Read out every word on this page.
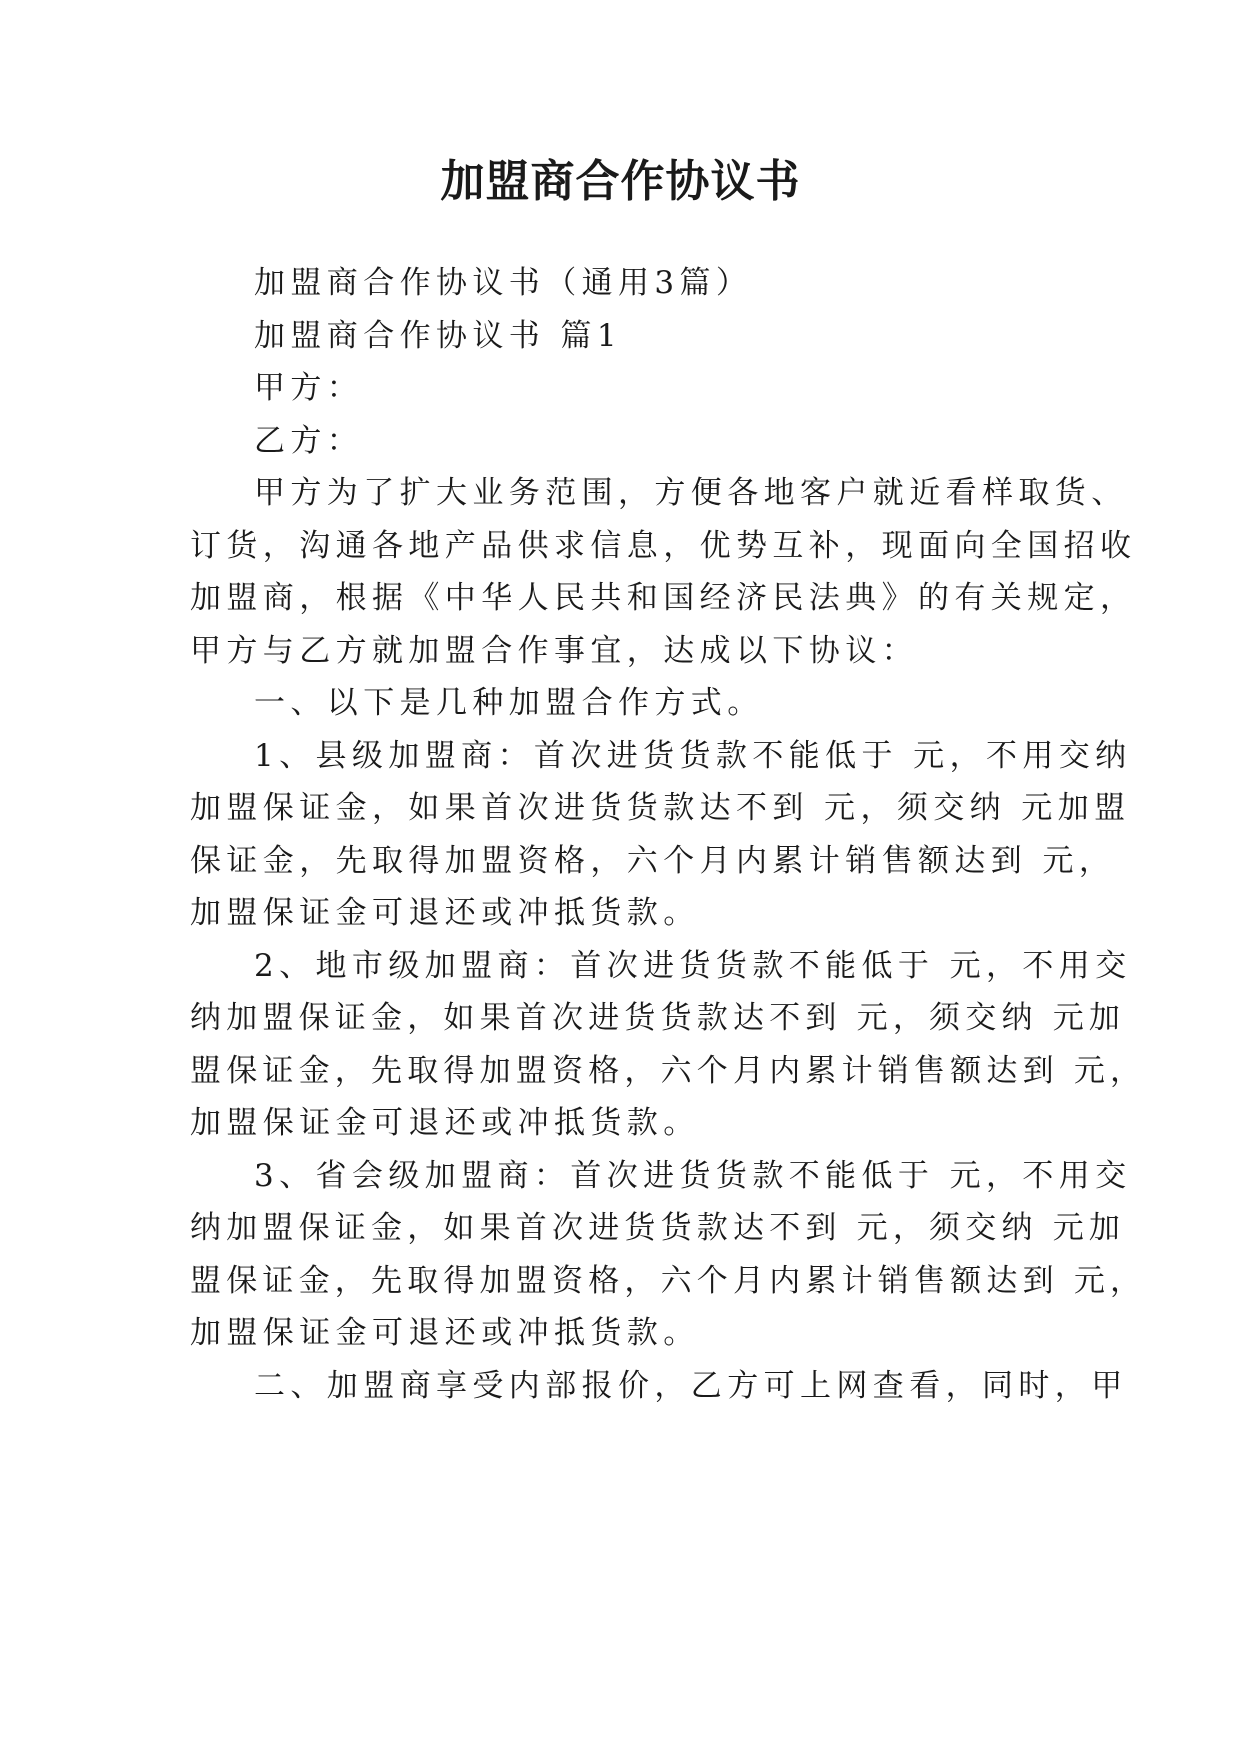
加盟商合作协议书
加盟商合作协议书（通用3篇）
加盟商合作协议书 篇1
甲方：
乙方：
甲方为了扩大业务范围，方便各地客户就近看样取货、
订货，沟通各地产品供求信息，优势互补，现面向全国招收
加盟商，根据《中华人民共和国经济民法典》的有关规定，
甲方与乙方就加盟合作事宜，达成以下协议：
一、以下是几种加盟合作方式。
1、县级加盟商：首次进货货款不能低于 元，不用交纳
加盟保证金，如果首次进货货款达不到 元，须交纳 元加盟
保证金，先取得加盟资格，六个月内累计销售额达到 元，
加盟保证金可退还或冲抵货款。
2、地市级加盟商：首次进货货款不能低于 元，不用交
纳加盟保证金，如果首次进货货款达不到 元，须交纳 元加
盟保证金，先取得加盟资格，六个月内累计销售额达到 元，
加盟保证金可退还或冲抵货款。
3、省会级加盟商：首次进货货款不能低于 元，不用交
纳加盟保证金，如果首次进货货款达不到 元，须交纳 元加
盟保证金，先取得加盟资格，六个月内累计销售额达到 元，
加盟保证金可退还或冲抵货款。
二、加盟商享受内部报价，乙方可上网查看，同时，甲
